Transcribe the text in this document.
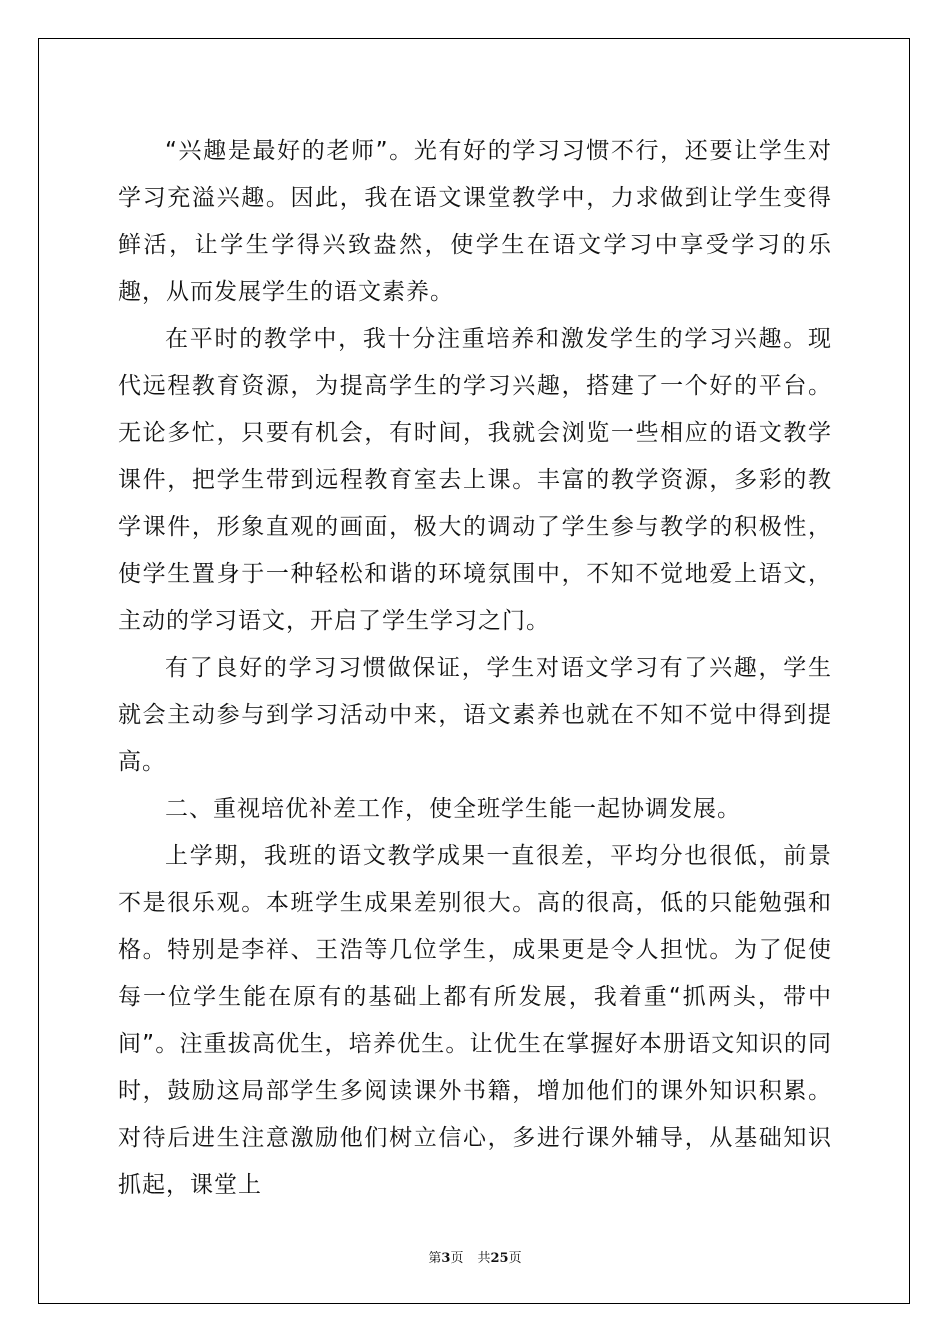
“兴趣是最好的老师”。光有好的学习习惯不行，还要让学生对学习充溢兴趣。因此，我在语文课堂教学中，力求做到让学生变得鲜活，让学生学得兴致盎然，使学生在语文学习中享受学习的乐趣，从而发展学生的语文素养。

在平时的教学中，我十分注重培养和激发学生的学习兴趣。现代远程教育资源，为提高学生的学习兴趣，搭建了一个好的平台。无论多忙，只要有机会，有时间，我就会浏览一些相应的语文教学课件，把学生带到远程教育室去上课。丰富的教学资源，多彩的教学课件，形象直观的画面，极大的调动了学生参与教学的积极性，使学生置身于一种轻松和谐的环境氛围中，不知不觉地爱上语文，主动的学习语文，开启了学生学习之门。

有了良好的学习习惯做保证，学生对语文学习有了兴趣，学生就会主动参与到学习活动中来，语文素养也就在不知不觉中得到提高。

二、重视培优补差工作，使全班学生能一起协调发展。

上学期，我班的语文教学成果一直很差，平均分也很低，前景不是很乐观。本班学生成果差别很大。高的很高，低的只能勉强和格。特别是李祥、王浩等几位学生，成果更是令人担忧。为了促使每一位学生能在原有的基础上都有所发展，我着重“抓两头，带中间”。注重拔高优生，培养优生。让优生在掌握好本册语文知识的同时，鼓励这局部学生多阅读课外书籍，增加他们的课外知识积累。对待后进生注意激励他们树立信心，多进行课外辅导，从基础知识抓起，课堂上

第3页 共25页
